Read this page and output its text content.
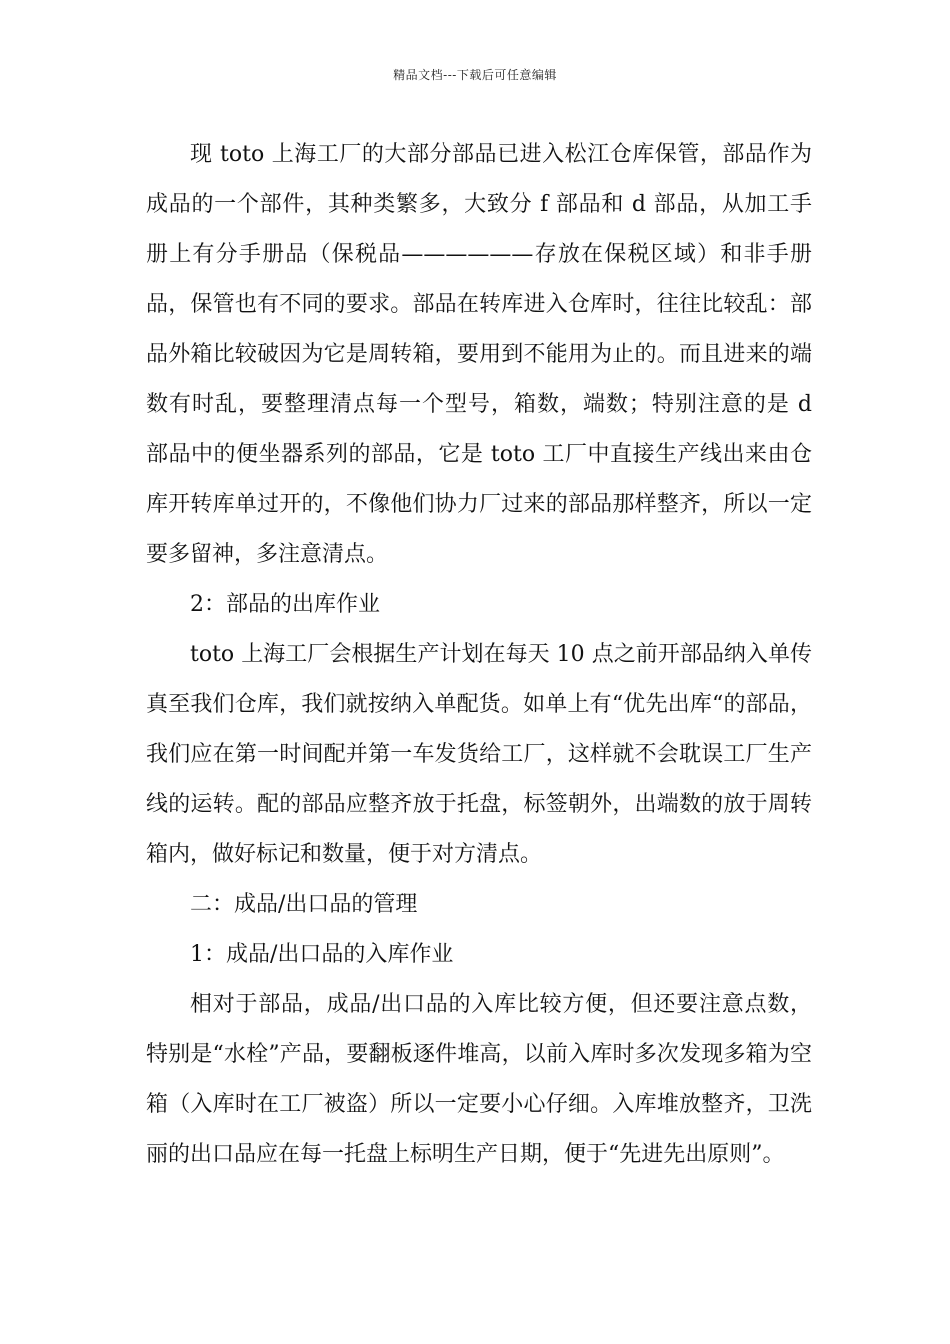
精品文档---下载后可任意编辑

现 toto 上海工厂的大部分部品已进入松江仓库保管，部品作为成品的一个部件，其种类繁多，大致分 f 部品和 d 部品，从加工手册上有分手册品（保税品——————存放在保税区域）和非手册品，保管也有不同的要求。部品在转库进入仓库时，往往比较乱：部品外箱比较破因为它是周转箱，要用到不能用为止的。而且进来的端数有时乱，要整理清点每一个型号，箱数，端数；特别注意的是 d 部品中的便坐器系列的部品，它是 toto 工厂中直接生产线出来由仓库开转库单过开的，不像他们协力厂过来的部品那样整齐，所以一定要多留神，多注意清点。

2：部品的出库作业

toto 上海工厂会根据生产计划在每天 10 点之前开部品纳入单传真至我们仓库，我们就按纳入单配货。如单上有“优先出库“的部品，我们应在第一时间配并第一车发货给工厂，这样就不会耽误工厂生产线的运转。配的部品应整齐放于托盘，标签朝外，出端数的放于周转箱内，做好标记和数量，便于对方清点。

二：成品/出口品的管理

1：成品/出口品的入库作业

相对于部品，成品/出口品的入库比较方便，但还要注意点数，特别是“水栓”产品，要翻板逐件堆高，以前入库时多次发现多箱为空箱（入库时在工厂被盗）所以一定要小心仔细。入库堆放整齐，卫洗丽的出口品应在每一托盘上标明生产日期，便于“先进先出原则”。
